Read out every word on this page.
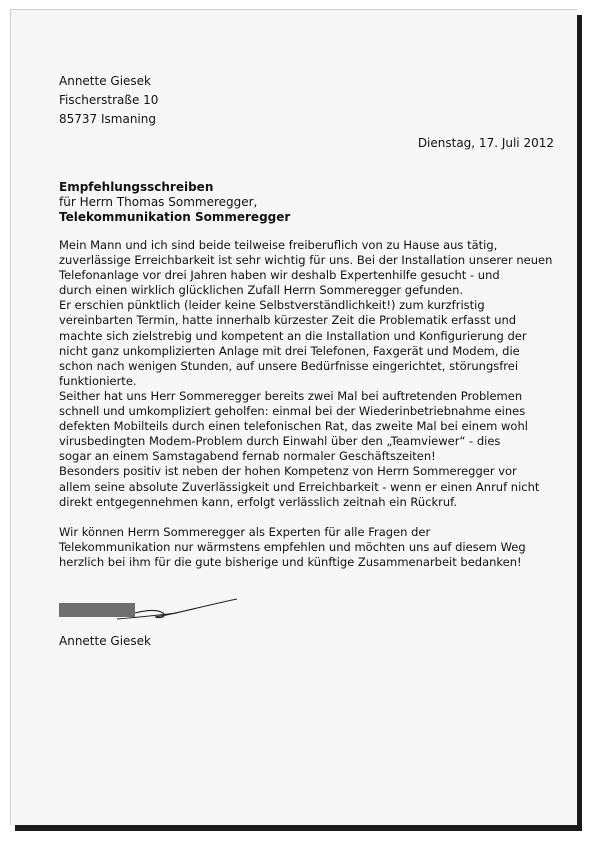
Annette Giesek
Fischerstraße 10
85737 Ismaning
Dienstag, 17. Juli 2012
Empfehlungsschreiben
für Herrn Thomas Sommeregger,
Telekommunikation Sommeregger
Mein Mann und ich sind beide teilweise freiberuflich von zu Hause aus tätig,
zuverlässige Erreichbarkeit ist sehr wichtig für uns. Bei der Installation unserer neuen
Telefonanlage vor drei Jahren haben wir deshalb Expertenhilfe gesucht - und
durch einen wirklich glücklichen Zufall Herrn Sommeregger gefunden.
Er erschien pünktlich (leider keine Selbstverständlichkeit!) zum kurzfristig
vereinbarten Termin, hatte innerhalb kürzester Zeit die Problematik erfasst und
machte sich zielstrebig und kompetent an die Installation und Konfigurierung der
nicht ganz unkomplizierten Anlage mit drei Telefonen, Faxgerät und Modem, die
schon nach wenigen Stunden, auf unsere Bedürfnisse eingerichtet, störungsfrei
funktionierte.
Seither hat uns Herr Sommeregger bereits zwei Mal bei auftretenden Problemen
schnell und umkompliziert geholfen: einmal bei der Wiederinbetriebnahme eines
defekten Mobilteils durch einen telefonischen Rat, das zweite Mal bei einem wohl
virusbedingten Modem-Problem durch Einwahl über den „Teamviewer“ - dies
sogar an einem Samstagabend fernab normaler Geschäftszeiten!
Besonders positiv ist neben der hohen Kompetenz von Herrn Sommeregger vor
allem seine absolute Zuverlässigkeit und Erreichbarkeit - wenn er einen Anruf nicht
direkt entgegennehmen kann, erfolgt verlässlich zeitnah ein Rückruf.
Wir können Herrn Sommeregger als Experten für alle Fragen der
Telekommunikation nur wärmstens empfehlen und möchten uns auf diesem Weg
herzlich bei ihm für die gute bisherige und künftige Zusammenarbeit bedanken!
Annette Giesek
